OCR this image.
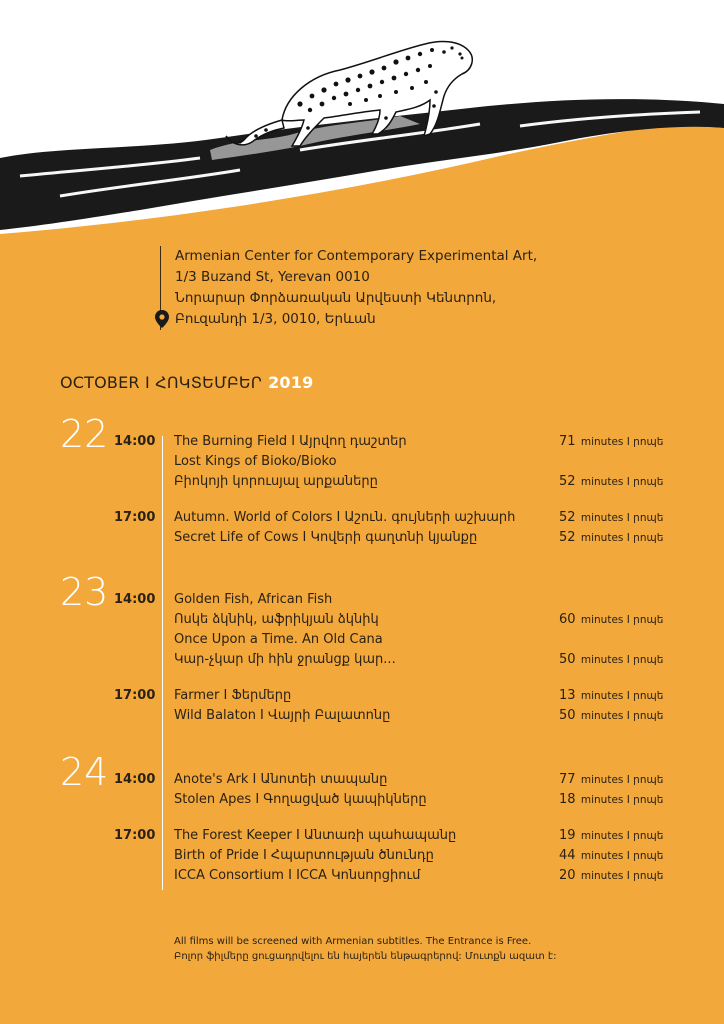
Armenian Center for Contemporary Experimental Art,
1/3 Buzand St, Yerevan 0010
Նորարար Փորձառական Արվեստի Կենտրոն,
Բուզանդի 1/3, 0010, Երևան
OCTOBER I ՀՈԿՏԵՄԲԵՐ 2019
22 14:00 The Burning Field I Այրվող դաշտեր	71 minutes I րոպե
Lost Kings of Bioko/Bioko
Բիոկոյի կորուսյալ արքաները	52 minutes I րոպե
17:00 Autumn. World of Colors I Աշուն. գույների աշխարհ	52 minutes I րոպե
Secret Life of Cows I Կովերի գաղտնի կյանքը	52 minutes I րոպե
23 14:00 Golden Fish, African Fish
Ոսկե ձկնիկ, աֆրիկյան ձկնիկ	60 minutes I րոպե
Once Upon a Time. An Old Cana
Կար-չկար մի հին ջրանցք կար...	50 minutes I րոպե
17:00 Farmer I Ֆերմերը	13 minutes I րոպե
Wild Balaton I Վայրի Բալատոնը	50 minutes I րոպե
24 14:00 Anote's Ark I Անոտեի տապանը	77 minutes I րոպե
Stolen Apes I Գողացված կապիկները	18 minutes I րոպե
17:00 The Forest Keeper I Անտառի պահապանը	19 minutes I րոպե
Birth of Pride I Հպարտության ծնունդը	44 minutes I րոպե
ICCA Consortium I ICCA Կոնսորցիում	20 minutes I րոպե
All films will be screened with Armenian subtitles. The Entrance is Free.
Բոլոր ֆիլմերը ցուցադրվելու են հայերեն ենթագրերով: Մուտքն ազատ է:
